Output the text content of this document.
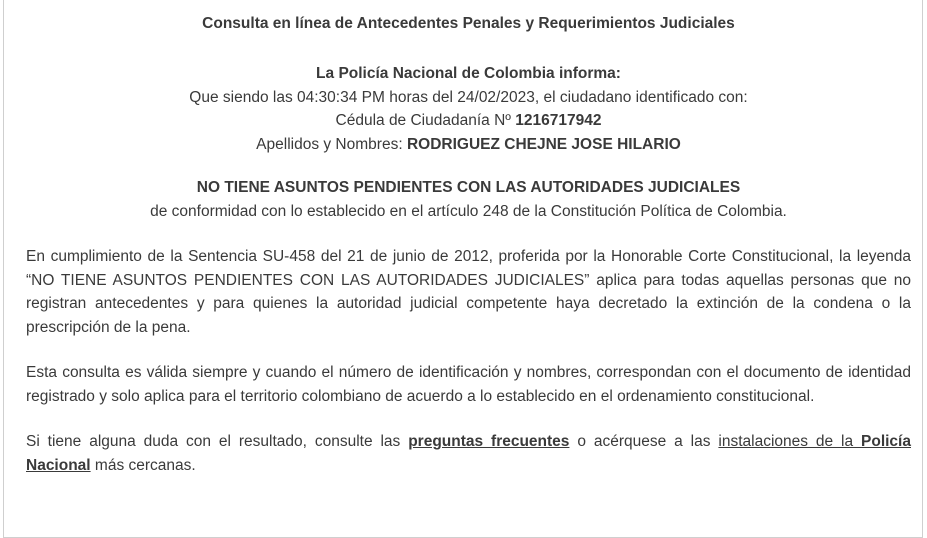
Consulta en línea de Antecedentes Penales y Requerimientos Judiciales

La Policía Nacional de Colombia informa:
Que siendo las 04:30:34 PM horas del 24/02/2023, el ciudadano identificado con:
Cédula de Ciudadanía Nº 1216717942
Apellidos y Nombres: RODRIGUEZ CHEJNE JOSE HILARIO
NO TIENE ASUNTOS PENDIENTES CON LAS AUTORIDADES JUDICIALES
de conformidad con lo establecido en el artículo 248 de la Constitución Política de Colombia.
En cumplimiento de la Sentencia SU-458 del 21 de junio de 2012, proferida por la Honorable Corte Constitucional, la leyenda “NO TIENE ASUNTOS PENDIENTES CON LAS AUTORIDADES JUDICIALES” aplica para todas aquellas personas que no registran antecedentes y para quienes la autoridad judicial competente haya decretado la extinción de la condena o la prescripción de la pena.
Esta consulta es válida siempre y cuando el número de identificación y nombres, correspondan con el documento de identidad registrado y solo aplica para el territorio colombiano de acuerdo a lo establecido en el ordenamiento constitucional.
Si tiene alguna duda con el resultado, consulte las preguntas frecuentes o acérquese a las instalaciones de la Policía Nacional más cercanas.
